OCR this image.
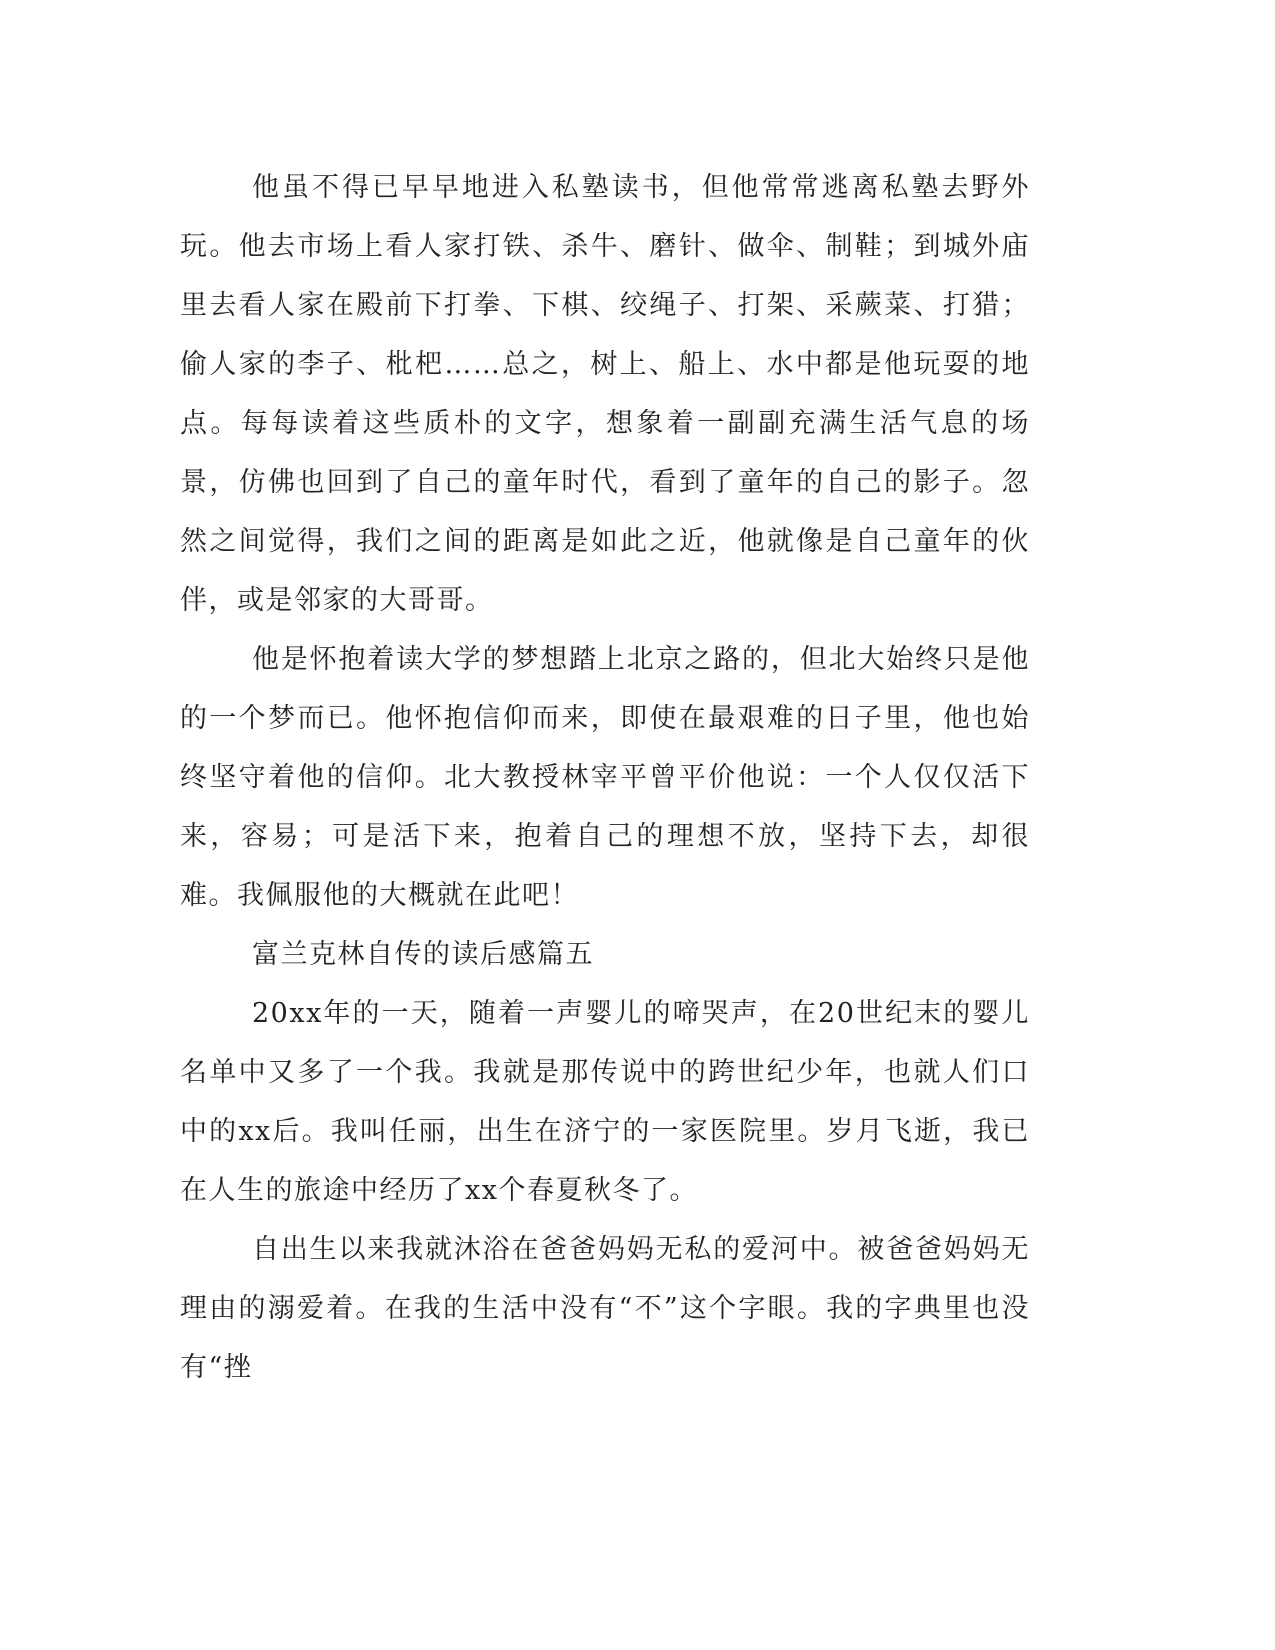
他虽不得已早早地进入私塾读书，但他常常逃离私塾去野外玩。他去市场上看人家打铁、杀牛、磨针、做伞、制鞋；到城外庙里去看人家在殿前下打拳、下棋、绞绳子、打架、采蕨菜、打猎；偷人家的李子、枇杷……总之，树上、船上、水中都是他玩耍的地点。每每读着这些质朴的文字，想象着一副副充满生活气息的场景，仿佛也回到了自己的童年时代，看到了童年的自己的影子。忽然之间觉得，我们之间的距离是如此之近，他就像是自己童年的伙伴，或是邻家的大哥哥。

他是怀抱着读大学的梦想踏上北京之路的，但北大始终只是他的一个梦而已。他怀抱信仰而来，即使在最艰难的日子里，他也始终坚守着他的信仰。北大教授林宰平曾平价他说：一个人仅仅活下来，容易；可是活下来，抱着自己的理想不放，坚持下去，却很难。我佩服他的大概就在此吧！

富兰克林自传的读后感篇五

20xx年的一天，随着一声婴儿的啼哭声，在20世纪末的婴儿名单中又多了一个我。我就是那传说中的跨世纪少年，也就人们口中的xx后。我叫任丽，出生在济宁的一家医院里。岁月飞逝，我已在人生的旅途中经历了xx个春夏秋冬了。

自出生以来我就沐浴在爸爸妈妈无私的爱河中。被爸爸妈妈无理由的溺爱着。在我的生活中没有“不”这个字眼。我的字典里也没有“挫
